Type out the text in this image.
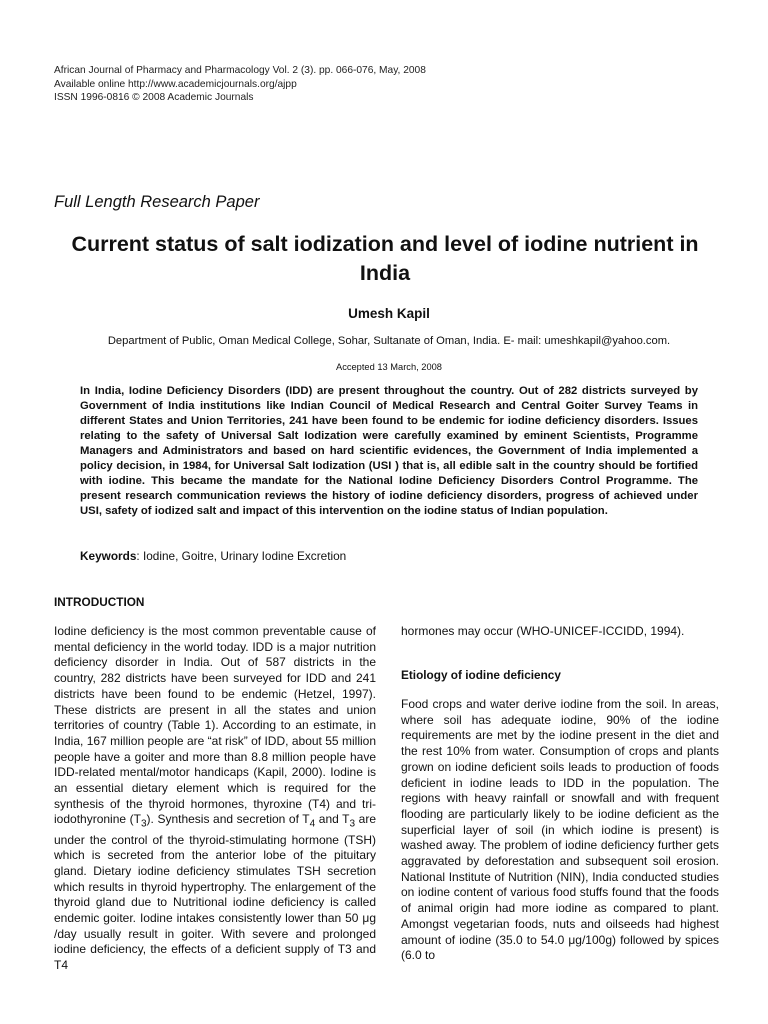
African Journal of Pharmacy and Pharmacology Vol. 2 (3). pp. 066-076, May, 2008
Available online http://www.academicjournals.org/ajpp
ISSN 1996-0816 © 2008 Academic Journals
Full Length Research Paper
Current status of salt iodization and level of iodine nutrient in India
Umesh Kapil
Department of Public, Oman Medical College, Sohar, Sultanate of Oman, India. E- mail: umeshkapil@yahoo.com.
Accepted 13 March, 2008
In India, Iodine Deficiency Disorders (IDD) are present throughout the country. Out of 282 districts surveyed by Government of India institutions like Indian Council of Medical Research and Central Goiter Survey Teams in different States and Union Territories, 241 have been found to be endemic for iodine deficiency disorders. Issues relating to the safety of Universal Salt Iodization were carefully examined by eminent Scientists, Programme Managers and Administrators and based on hard scientific evidences, the Government of India implemented a policy decision, in 1984, for Universal Salt Iodization (USI ) that is, all edible salt in the country should be fortified with iodine. This became the mandate for the National Iodine Deficiency Disorders Control Programme. The present research communication reviews the history of iodine deficiency disorders, progress of achieved under USI, safety of iodized salt and impact of this intervention on the iodine status of Indian population.
Keywords: Iodine, Goitre, Urinary Iodine Excretion
INTRODUCTION

Iodine deficiency is the most common preventable cause of mental deficiency in the world today. IDD is a major nutrition deficiency disorder in India. Out of 587 districts in the country, 282 districts have been surveyed for IDD and 241 districts have been found to be endemic (Hetzel, 1997). These districts are present in all the states and union territories of country (Table 1). According to an estimate, in India, 167 million people are “at risk” of IDD, about 55 million people have a goiter and more than 8.8 million people have IDD-related mental/motor handicaps (Kapil, 2000). Iodine is an essential dietary element which is required for the synthesis of the thyroid hormones, thyroxine (T4) and tri-iodothyronine $(T_3)$. Synthesis and secretion of $T_4$ and $T_3$ are under the control of the thyroid-stimulating hormone (TSH) which is secreted from the anterior lobe of the pituitary gland. Dietary iodine deficiency stimulates TSH secretion which results in thyroid hypertrophy. The enlargement of the thyroid gland due to Nutritional iodine deficiency is called endemic goiter. Iodine intakes consistently lower than 50 μg /day usually result in goiter. With severe and prolonged iodine deficiency, the effects of a deficient supply of T3 and T4

hormones may occur (WHO-UNICEF-ICCIDD, 1994).

Etiology of iodine deficiency

Food crops and water derive iodine from the soil. In areas, where soil has adequate iodine, 90% of the iodine requirements are met by the iodine present in the diet and the rest 10% from water. Consumption of crops and plants grown on iodine deficient soils leads to production of foods deficient in iodine leads to IDD in the population. The regions with heavy rainfall or snowfall and with frequent flooding are particularly likely to be iodine deficient as the superficial layer of soil (in which iodine is present) is washed away. The problem of iodine deficiency further gets aggravated by deforestation and subsequent soil erosion. National Institute of Nutrition (NIN), India conducted studies on iodine content of various food stuffs found that the foods of animal origin had more iodine as compared to plant. Amongst vegetarian foods, nuts and oilseeds had highest amount of iodine (35.0 to 54.0 μg/100g) followed by spices (6.0 to
